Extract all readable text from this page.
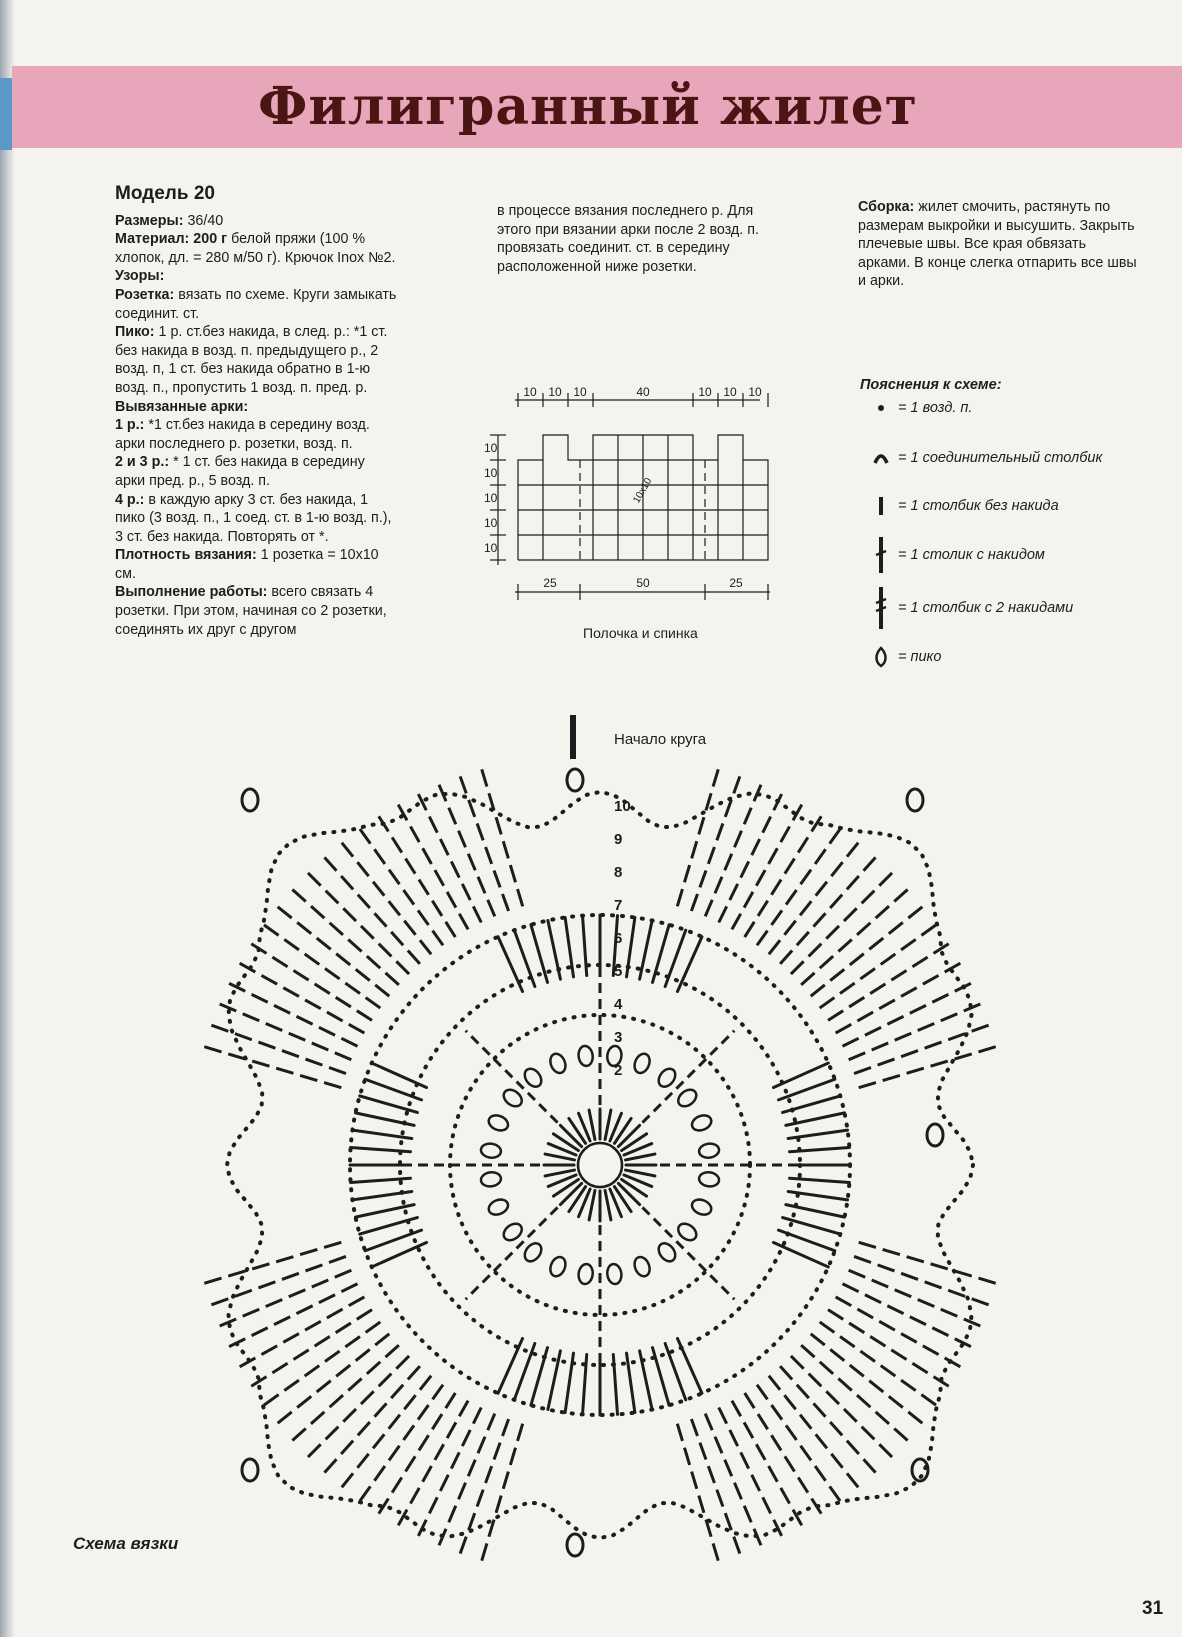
Филигранный жилет

Модель 20

Размеры: 36/40

Материал: 200 г белой пряжи (100 % хлопок, дл. = 280 м/50 г). Крючок Inox №2.

Узоры:

Розетка: вязать по схеме. Круги замыкать соединит. ст.

Пико: 1 р. ст.без накида, в след. р.: *1 ст. без накида в возд. п. предыдущего р., 2 возд. п, 1 ст. без накида обратно в 1-ю возд. п., пропустить 1 возд. п. пред. р.

Вывязанные арки:

1 р.: *1 ст.без накида в середину возд. арки последнего р. розетки, возд. п.

2 и 3 р.: * 1 ст. без накида в середину арки пред. р., 5 возд. п.

4 р.: в каждую арку 3 ст. без накида, 1 пико (3 возд. п., 1 соед. ст. в 1-ю возд. п.), 3 ст. без накида. Повторять от *.

Плотность вязания: 1 розетка = 10х10 см.

Выполнение работы: всего связать 4 розетки. При этом, начиная со 2 розетки, соединять их друг с другом

в процессе вязания последнего р. Для этого при вязании арки после 2 возд. п. провязать соединит. ст. в середину расположенной ниже розетки.

Сборка: жилет смочить, растянуть по размерам выкройки и высушить. Закрыть плечевые швы. Все края обвязать арками. В конце слегка отпарить все швы и арки.

10 10 10	40	10 10 10
10
10
10
10
10
10х10
25	50	25
Полочка и спинка
Пояснения к схеме:
= 1 возд. п.
= 1 соединительный столбик
= 1 столбик без накида
= 1 столик с накидом
= 1 столбик с 2 накидами
= пико
Начало круга
2
3
4
5
6
7
8
9
10
Схема вязки
31
